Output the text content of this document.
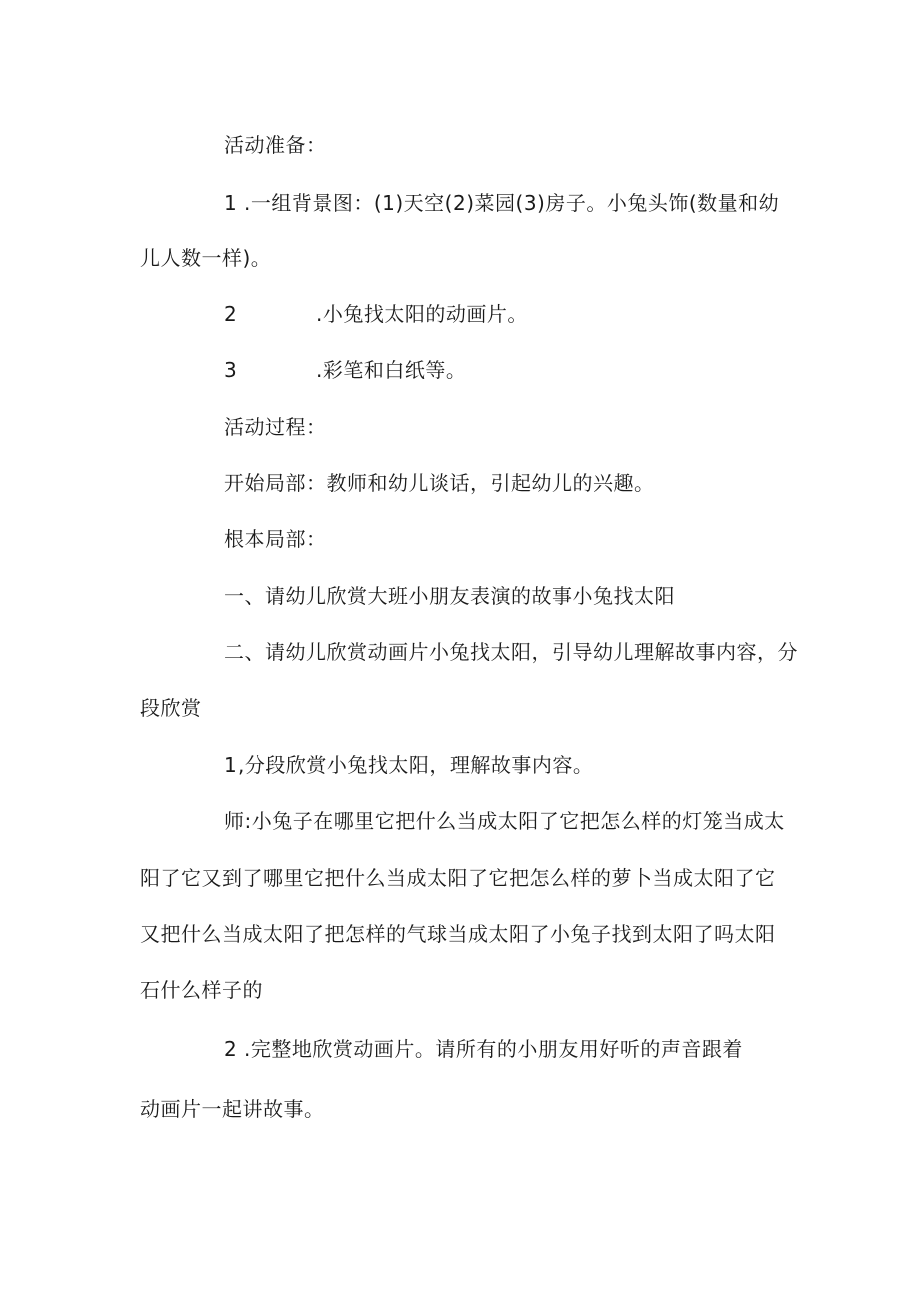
活动准备：
1 .一组背景图：(1)天空(2)菜园(3)房子。小兔头饰(数量和幼
儿人数一样)。
2	.小兔找太阳的动画片。
3	.彩笔和白纸等。
活动过程：
开始局部：教师和幼儿谈话，引起幼儿的兴趣。
根本局部：
一、请幼儿欣赏大班小朋友表演的故事小兔找太阳
二、请幼儿欣赏动画片小兔找太阳，引导幼儿理解故事内容，分
段欣赏
1 ,分段欣赏小兔找太阳，理解故事内容。
师:小兔子在哪里它把什么当成太阳了它把怎么样的灯笼当成太
阳了它又到了哪里它把什么当成太阳了它把怎么样的萝卜当成太阳了它
又把什么当成太阳了把怎样的气球当成太阳了小兔子找到太阳了吗太阳
石什么样子的
2 .完整地欣赏动画片。请所有的小朋友用好听的声音跟着
动画片一起讲故事。
